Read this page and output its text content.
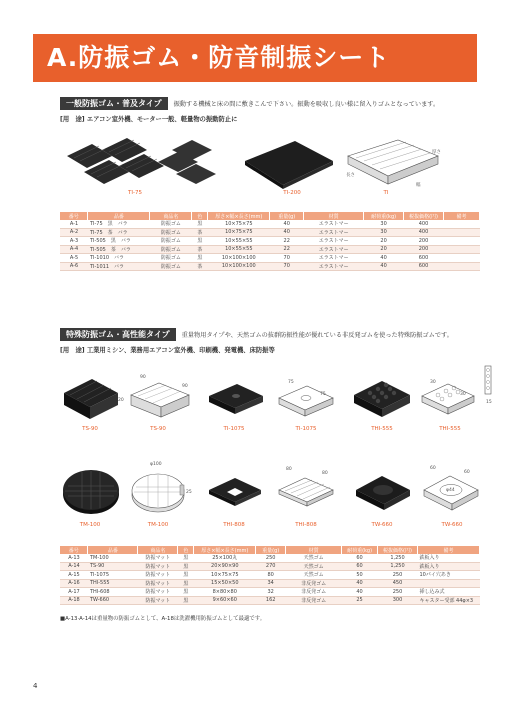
A.防振ゴム・防音制振シート
一般防振ゴム・普及タイプ	振動する機械と床の間に敷きこんで下さい。振動を吸収し良い様に留入りゴムとなっています。
[用　途] エアコン室外機、モーター一般、軽量物の振動防止に
TI-75	TI-200
厚さ
長さ
幅
TI
番号	品番	商品名	色	厚さ×幅×長さ(mm)	重量(g)	材質	耐荷重(kg)	税抜価格(円)	備考
A-1	TI-75　黒　バラ	防振ゴム	黒	10×75×75	40	エラストマー	30	400	
A-2	TI-75　茶　バラ	防振ゴム	茶	10×75×75	40	エラストマー	30	400	
A-3	TI-505　黒　バラ	防振ゴム	黒	10×55×55	22	エラストマー	20	200	
A-4	TI-505　茶　バラ	防振ゴム	茶	10×55×55	22	エラストマー	20	200	
A-5	TI-1010　バラ	防振ゴム	黒	10×100×100	70	エラストマー	40	600	
A-6	TI-1011　バラ	防振ゴム	茶	10×100×100	70	エラストマー	40	600	
特殊防振ゴム・高性能タイプ	重量物用タイプや、天然ゴムの抜群防振性能が優れている非反発ゴムを使った特殊防振ゴムです。
[用　途] 工業用ミシン、業務用エアコン室外機、印刷機、発電機、床防振等
TS-90
90
20
90
TS-90	TI-1075
75
75
TI-1075	THI-555
30
30
15
THI-555
TM-100
φ100
25
TM-100	THI-808
80
80
THI-808	TW-660
60
60
φ44
TW-660
番号	品番	商品名	色	厚さ×幅×長さ(mm)	重量(g)	材質	耐荷重(kg)	税抜価格(円)	備考
A-13	TM-100	防振マット	黒	25×100丸	250	天然ゴム	60	1,250	鉄板入り
A-14	TS-90	防振マット	黒	20×90×90	270	天然ゴム	60	1,250	鉄板入り
A-15	TI-1075	防振マット	黒	10×75×75	80	天然ゴム	50	250	10パイ穴あき
A-16	THI-555	防振マット	黒	15×50×50	34	非反発ゴム	40	450	
A-17	THI-608	防振マット	黒	8×80×80	32	非反発ゴム	40	250	挿し込み式
A-18	TW-660	防振マット	黒	9×60×60	162	非反発ゴム	25	300	キャスター受部 44φ×3
■A-13·A-14は重量物の防振ゴムとして、A-18は洗濯機用防振ゴムとして最適です。
4
